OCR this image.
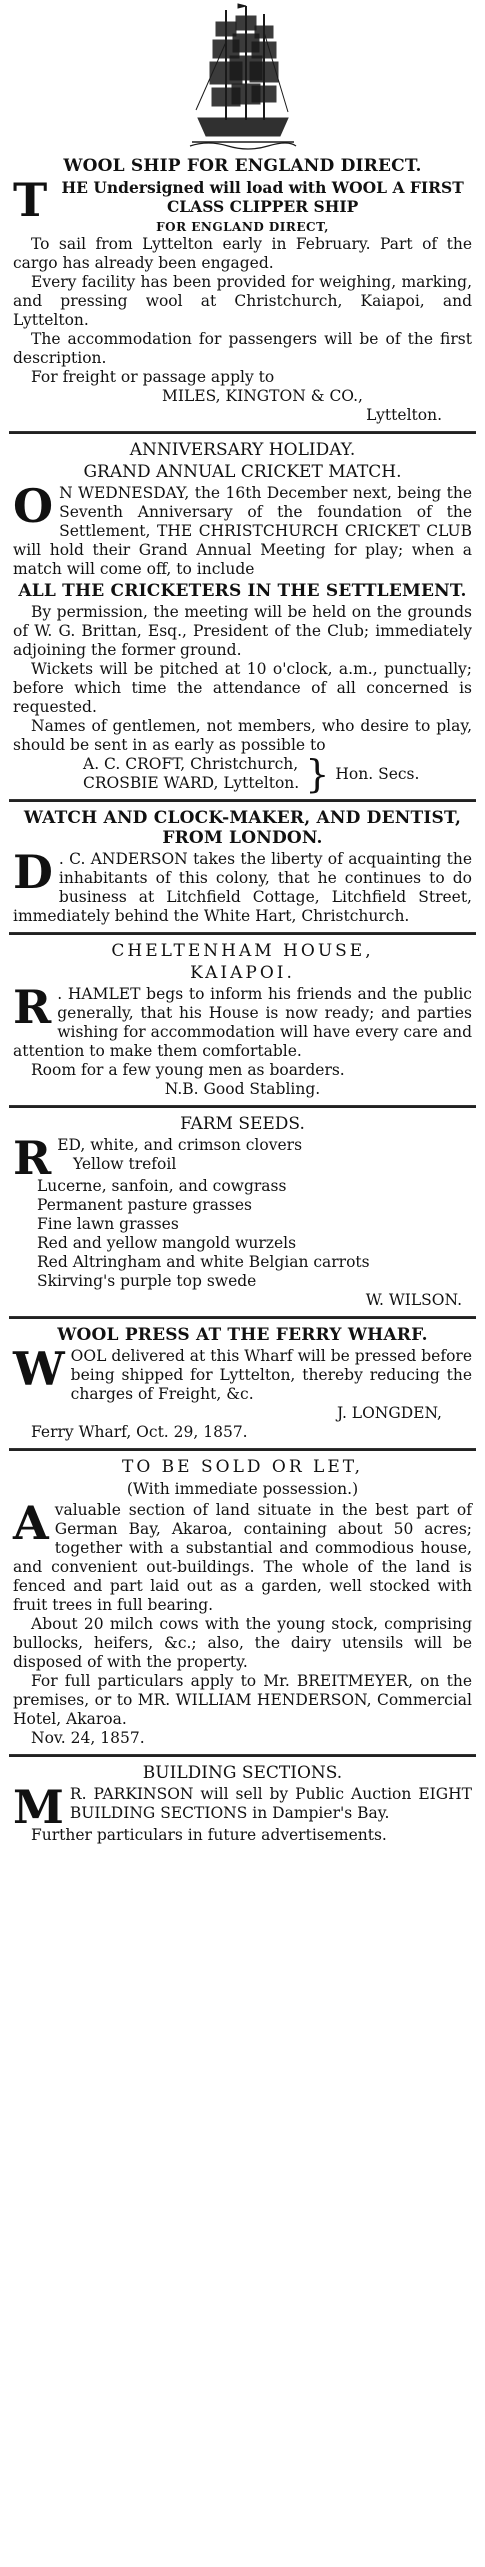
WOOL SHIP FOR ENGLAND DIRECT.
T HE Undersigned will load with WOOL A FIRST CLASS CLIPPER SHIP
FOR ENGLAND DIRECT,

To sail from Lyttelton early in February. Part of the cargo has already been engaged.

Every facility has been provided for weighing, marking, and pressing wool at Christchurch, Kaiapoi, and Lyttelton.

The accommodation for passengers will be of the first description.

For freight or passage apply to

MILES, KINGTON & CO.,
Lyttelton.
ANNIVERSARY HOLIDAY.
GRAND ANNUAL CRICKET MATCH.

O N WEDNESDAY, the 16th December next, being the Seventh Anniversary of the foundation of the Settlement, THE CHRISTCHURCH CRICKET CLUB will hold their Grand Annual Meeting for play; when a match will come off, to include

ALL THE CRICKETERS IN THE SETTLEMENT.

By permission, the meeting will be held on the grounds of W. G. Brittan, Esq., President of the Club; immediately adjoining the former ground.

Wickets will be pitched at 10 o'clock, a.m., punctually; before which time the attendance of all concerned is requested.

Names of gentlemen, not members, who desire to play, should be sent in as early as possible to

A. C. CROFT, Christchurch,
CROSBIE WARD, Lyttelton. } Hon. Secs.
WATCH AND CLOCK-MAKER, AND DENTIST, FROM LONDON.

D . C. ANDERSON takes the liberty of acquainting the inhabitants of this colony, that he continues to do business at Litchfield Cottage, Litchfield Street, immediately behind the White Hart, Christchurch.

CHELTENHAM HOUSE,
KAIAPOI.

R . HAMLET begs to inform his friends and the public generally, that his House is now ready; and parties wishing for accommodation will have every care and attention to make them comfortable.

Room for a few young men as boarders.

N.B. Good Stabling.

FARM SEEDS.

R ED, white, and crimson clovers

Yellow trefoil
Lucerne, sanfoin, and cowgrass
Permanent pasture grasses
Fine lawn grasses
Red and yellow mangold wurzels
Red Altringham and white Belgian carrots
Skirving's purple top swede
W. WILSON.
WOOL PRESS AT THE FERRY WHARF.

W OOL delivered at this Wharf will be pressed before being shipped for Lyttelton, thereby reducing the charges of Freight, &c.

J. LONGDEN,
Ferry Wharf, Oct. 29, 1857.
TO BE SOLD OR LET,
(With immediate possession.)

A valuable section of land situate in the best part of German Bay, Akaroa, containing about 50 acres; together with a substantial and commodious house, and convenient out-buildings. The whole of the land is fenced and part laid out as a garden, well stocked with fruit trees in full bearing.

About 20 milch cows with the young stock, comprising bullocks, heifers, &c.; also, the dairy utensils will be disposed of with the property.

For full particulars apply to Mr. BREITMEYER, on the premises, or to MR. WILLIAM HENDERSON, Commercial Hotel, Akaroa.

Nov. 24, 1857.
BUILDING SECTIONS.

M R. PARKINSON will sell by Public Auction EIGHT BUILDING SECTIONS in Dampier's Bay.

Further particulars in future advertisements.
